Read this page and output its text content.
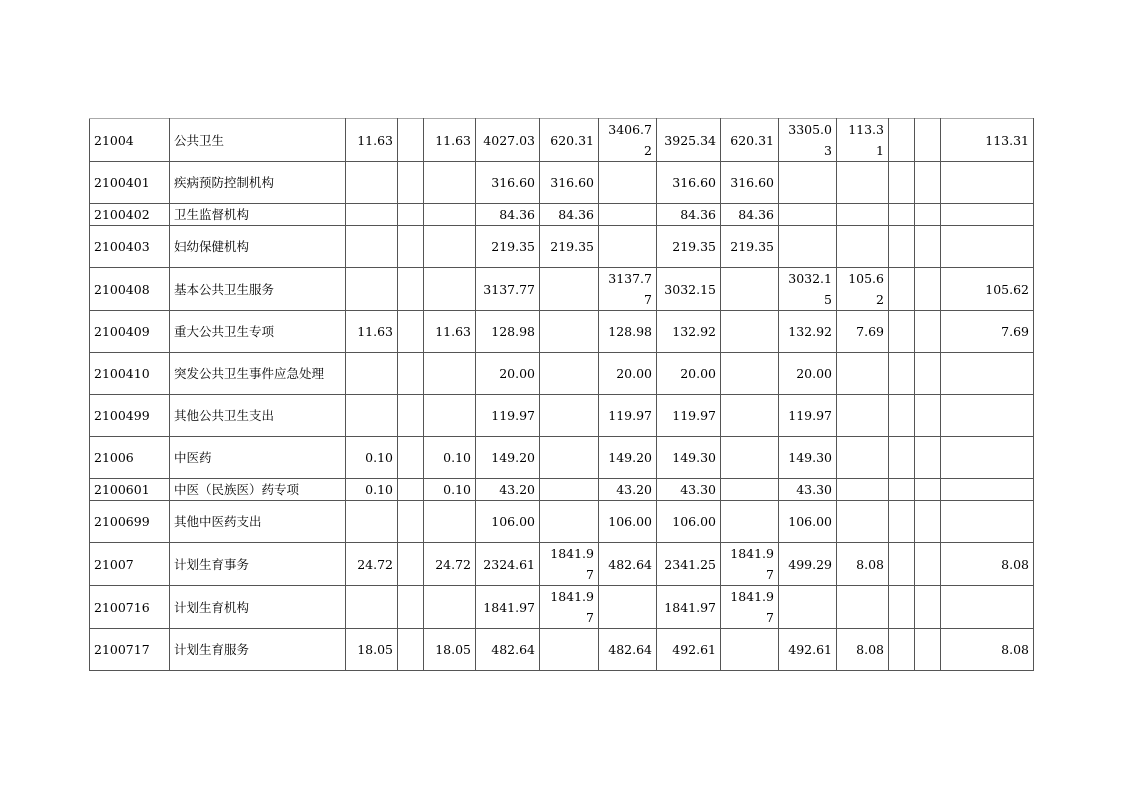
21004	公共卫生	11.63		11.63	4027.03	620.31	3406.72	3925.34	620.31	3305.03	113.31			113.31
2100401	疾病预防控制机构				316.60	316.60		316.60	316.60					
2100402	卫生监督机构				84.36	84.36		84.36	84.36					
2100403	妇幼保健机构				219.35	219.35		219.35	219.35					
2100408	基本公共卫生服务				3137.77		3137.77	3032.15		3032.15	105.62			105.62
2100409	重大公共卫生专项	11.63		11.63	128.98		128.98	132.92		132.92	7.69			7.69
2100410	突发公共卫生事件应急处理				20.00		20.00	20.00		20.00				
2100499	其他公共卫生支出				119.97		119.97	119.97		119.97				
21006	中医药	0.10		0.10	149.20		149.20	149.30		149.30				
2100601	中医（民族医）药专项	0.10		0.10	43.20		43.20	43.30		43.30				
2100699	其他中医药支出				106.00		106.00	106.00		106.00				
21007	计划生育事务	24.72		24.72	2324.61	1841.97	482.64	2341.25	1841.97	499.29	8.08			8.08
2100716	计划生育机构				1841.97	1841.97		1841.97	1841.97					
2100717	计划生育服务	18.05		18.05	482.64		482.64	492.61		492.61	8.08			8.08
